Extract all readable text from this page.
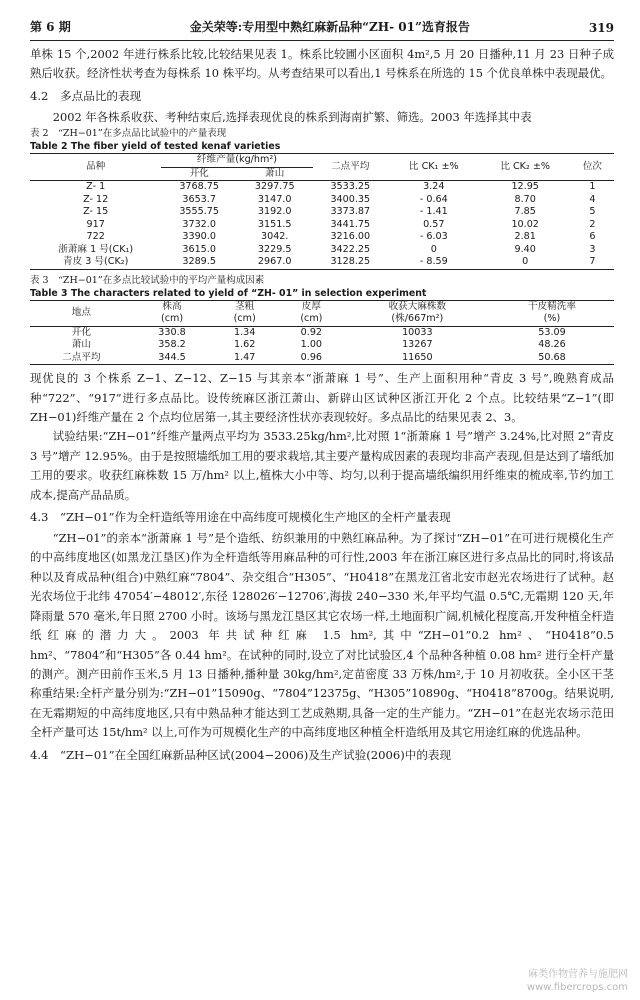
第 6 期	金关荣等:专用型中熟红麻新品种“ZH- 01”选育报告	319

单株 15 个,2002 年进行株系比较,比较结果见表 1。株系比较圃小区面积 4m²,5 月 20 日播种,11 月 23 日种子成熟后收获。经济性状考查为每株系 10 株平均。从考查结果可以看出,1 号株系在所选的 15 个优良单株中表现最优。

4.2　多点品比的表现

2002 年各株系收获、考种结束后,选择表现优良的株系到海南扩繁、筛选。2003 年选择其中表

表 2　“ZH−01”在多点品比试验中的产量表现

Table 2 The fiber yield of tested kenaf varieties

品种	纤维产量(kg/hm²)		二点平均	比 CK₁ ±%	比 CK₂ ±%	位次
	开化	萧山				
Z- 1	3768.75	3297.75	3533.25	3.24	12.95	1
Z- 12	3653.7	3147.0	3400.35	- 0.64	8.70	4
Z- 15	3555.75	3192.0	3373.87	- 1.41	7.85	5
917	3732.0	3151.5	3441.75	0.57	10.02	2
722	3390.0	3042.	3216.00	- 6.03	2.81	6
浙萧麻 1 号(CK₁)	3615.0	3229.5	3422.25	0	9.40	3
青皮 3 号(CK₂)	3289.5	2967.0	3128.25	- 8.59	0	7

表 3　“ZH−01”在多点比较试验中的平均产量构成因素

Table 3 The characters related to yield of “ZH- 01” in selection experiment

地点	株高	茎粗	皮厚	收获大麻株数	干皮精洗率
	(cm)	(cm)	(cm)	(株/667m²)	(%)
开化	330.8	1.34	0.92	10033	53.09
萧山	358.2	1.62	1.00	13267	48.26
二点平均	344.5	1.47	0.96	11650	50.68

现优良的 3 个株系 Z−1、Z−12、Z−15 与其亲本“浙萧麻 1 号”、生产上面积用种“青皮 3 号”,晚熟育成品种“722”、“917”进行多点品比。设传统麻区浙江萧山、新辟山区试种区浙江开化 2 个点。比较结果“Z−1”(即 ZH−01)纤维产量在 2 个点均位居第一,其主要经济性状亦表现较好。多点品比的结果见表 2、3。

试验结果:“ZH−01”纤维产量两点平均为 3533.25kg/hm²,比对照 1“浙萧麻 1 号”增产 3.24%,比对照 2“青皮 3 号”增产 12.95%。由于是按照墙纸加工用的要求栽培,其主要产量构成因素的表现均非高产表现,但是达到了墙纸加工用的要求。收获红麻株数 15 万/hm² 以上,植株大小中等、均匀,以利于提高墙纸编织用纤维束的梳成率,节约加工成本,提高产品品质。

4.3　“ZH−01”作为全杆造纸等用途在中高纬度可规模化生产地区的全杆产量表现

“ZH−01”的亲本“浙萧麻 1 号”是个造纸、纺织兼用的中熟红麻品种。为了探讨“ZH−01”在可进行规模化生产的中高纬度地区(如黑龙江垦区)作为全杆造纸等用麻品种的可行性,2003 年在浙江麻区进行多点品比的同时,将该品种以及育成品种(组合)中熟红麻“7804”、杂交组合“H305”、“H0418”在黑龙江省北安市赵光农场进行了试种。赵光农场位于北纬 47054′−48012′,东径 128026′−12706′,海拔 240−330 米,年平均气温 0.5℃,无霜期 120 天,年降雨量 570 毫米,年日照 2700 小时。该场与黑龙江垦区其它农场一样,土地面积广阔,机械化程度高,开发种植全杆造纸红麻的潜力大。2003 年共试种红麻 1.5 hm²,其中“ZH−01”0.2 hm²、“H0418”0.5 hm²、“7804”和“H305”各 0.44 hm²。在试种的同时,设立了对比试验区,4 个品种各种植 0.08 hm² 进行全杆产量的测产。测产田前作玉米,5 月 13 日播种,播种量 30kg/hm²,定苗密度 33 万株/hm²,于 10 月初收获。全小区干茎称重结果:全杆产量分别为:“ZH−01”15090g、“7804”12375g、“H305”10890g、“H0418”8700g。结果说明,在无霜期短的中高纬度地区,只有中熟品种才能达到工艺成熟期,具备一定的生产能力。“ZH−01”在赵光农场示范田全杆产量可达 15t/hm² 以上,可作为可规模化生产的中高纬度地区种植全杆造纸用及其它用途红麻的优选品种。

4.4　“ZH−01”在全国红麻新品种区试(2004−2006)及生产试验(2006)中的表现

麻类作物营养与施肥网
www.fibercrops.com
